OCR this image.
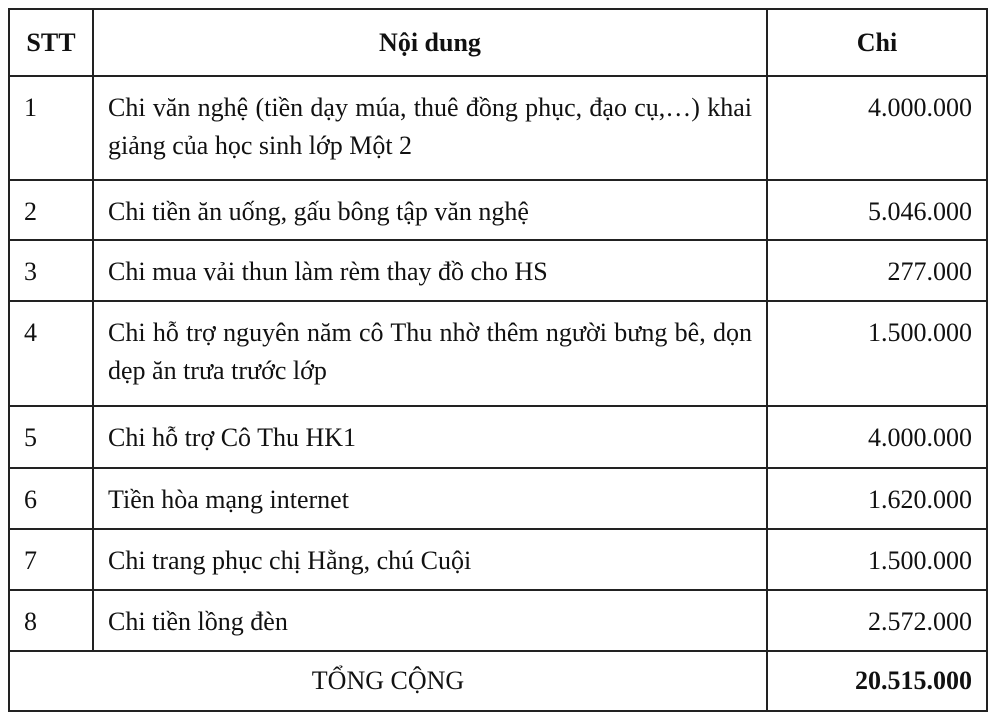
STT	Nội dung	Chi
1	Chi văn nghệ (tiền dạy múa, thuê đồng phục, đạo cụ,…) khai giảng của học sinh lớp Một 2	4.000.000
2	Chi tiền ăn uống, gấu bông tập văn nghệ	5.046.000
3	Chi mua vải thun làm rèm thay đồ cho HS	277.000
4	Chi hỗ trợ nguyên năm cô Thu nhờ thêm người bưng bê, dọn dẹp ăn trưa trước lớp	1.500.000
5	Chi hỗ trợ Cô Thu HK1	4.000.000
6	Tiền hòa mạng internet	1.620.000
7	Chi trang phục chị Hằng, chú Cuội	1.500.000
8	Chi tiền lồng đèn	2.572.000
TỔNG CỘNG		20.515.000
